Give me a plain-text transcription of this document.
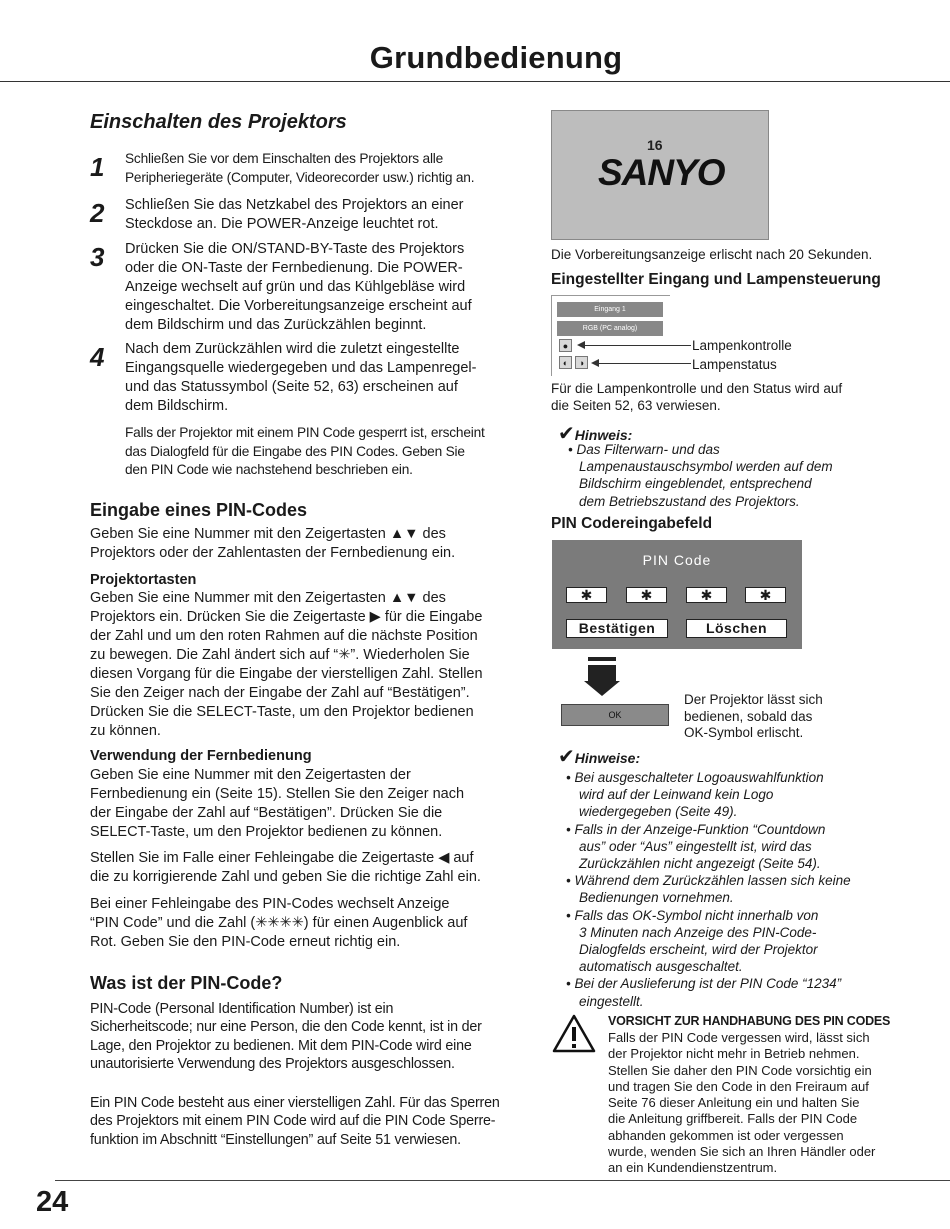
Grundbedienung
Einschalten des Projektors
1	Schließen Sie vor dem Einschalten des Projektors alle
Peripheriegeräte (Computer, Videorecorder usw.) richtig an.
2	Schließen Sie das Netzkabel des Projektors an einer
Steckdose an. Die POWER-Anzeige leuchtet rot.
3	Drücken Sie die ON/STAND-BY-Taste des Projektors
oder die ON-Taste der Fernbedienung. Die POWER-
Anzeige wechselt auf grün und das Kühlgebläse wird
eingeschaltet. Die Vorbereitungsanzeige erscheint auf
dem Bildschirm und das Zurückzählen beginnt.
4	Nach dem Zurückzählen wird die zuletzt eingestellte
Eingangsquelle wiedergegeben und das Lampenregel-
und das Statussymbol (Seite 52, 63) erscheinen auf
dem Bildschirm.
Falls der Projektor mit einem PIN Code gesperrt ist, erscheint
das Dialogfeld für die Eingabe des PIN Codes. Geben Sie
den PIN Code wie nachstehend beschrieben ein.
Eingabe eines PIN-Codes
Geben Sie eine Nummer mit den Zeigertasten ▲▼ des
Projektors oder der Zahlentasten der Fernbedienung ein.
Projektortasten
Geben Sie eine Nummer mit den Zeigertasten ▲▼ des
Projektors ein. Drücken Sie die Zeigertaste ▶ für die Eingabe
der Zahl und um den roten Rahmen auf die nächste Position
zu bewegen. Die Zahl ändert sich auf “✳”. Wiederholen Sie
diesen Vorgang für die Eingabe der vierstelligen Zahl. Stellen
Sie den Zeiger nach der Eingabe der Zahl auf “Bestätigen”.
Drücken Sie die SELECT-Taste, um den Projektor bedienen
zu können.
Verwendung der Fernbedienung
Geben Sie eine Nummer mit den Zeigertasten der
Fernbedienung ein (Seite 15). Stellen Sie den Zeiger nach
der Eingabe der Zahl auf “Bestätigen”. Drücken Sie die
SELECT-Taste, um den Projektor bedienen zu können.
Stellen Sie im Falle einer Fehleingabe die Zeigertaste ◀ auf
die zu korrigierende Zahl und geben Sie die richtige Zahl ein.
Bei einer Fehleingabe des PIN-Codes wechselt Anzeige
“PIN Code” und die Zahl (✳✳✳✳) für einen Augenblick auf
Rot. Geben Sie den PIN-Code erneut richtig ein.
Was ist der PIN-Code?
PIN-Code (Personal Identification Number) ist ein
Sicherheitscode; nur eine Person, die den Code kennt, ist in der
Lage, den Projektor zu bedienen. Mit dem PIN-Code wird eine
unautorisierte Verwendung des Projektors ausgeschlossen.
Ein PIN Code besteht aus einer vierstelligen Zahl. Für das Sperren
des Projektors mit einem PIN Code wird auf die PIN Code Sperre-
funktion im Abschnitt “Einstellungen” auf Seite 51 verwiesen.
16
SANYO
Die Vorbereitungsanzeige erlischt nach 20 Sekunden.
Eingestellter Eingang und Lampensteuerung
Eingang 1
RGB (PC analog)
●
◐	◑
Lampenkontrolle
Lampenstatus
Für die Lampenkontrolle und den Status wird auf
die Seiten 52, 63 verwiesen.
✔Hinweis:
• Das Filterwarn- und das
Lampenaustauschsymbol werden auf dem
Bildschirm eingeblendet, entsprechend
dem Betriebszustand des Projektors.
PIN Codereingabefeld
PIN Code
✱	✱	✱	✱
Bestätigen	Löschen
OK
Der Projektor lässt sich
bedienen, sobald das
OK-Symbol erlischt.
✔Hinweise:
• Bei ausgeschalteter Logoauswahlfunktion
wird auf der Leinwand kein Logo
wiedergegeben (Seite 49).
• Falls in der Anzeige-Funktion “Countdown
aus” oder “Aus” eingestellt ist, wird das
Zurückzählen nicht angezeigt (Seite 54).
• Während dem Zurückzählen lassen sich keine
Bedienungen vornehmen.
• Falls das OK-Symbol nicht innerhalb von
3 Minuten nach Anzeige des PIN-Code-
Dialogfelds erscheint, wird der Projektor
automatisch ausgeschaltet.
• Bei der Auslieferung ist der PIN Code “1234”
eingestellt.
VORSICHT ZUR HANDHABUNG DES PIN CODES
Falls der PIN Code vergessen wird, lässt sich
der Projektor nicht mehr in Betrieb nehmen.
Stellen Sie daher den PIN Code vorsichtig ein
und tragen Sie den Code in den Freiraum auf
Seite 76 dieser Anleitung ein und halten Sie
die Anleitung griffbereit. Falls der PIN Code
abhanden gekommen ist oder vergessen
wurde, wenden Sie sich an Ihren Händler oder
an ein Kundendienstzentrum.
24
